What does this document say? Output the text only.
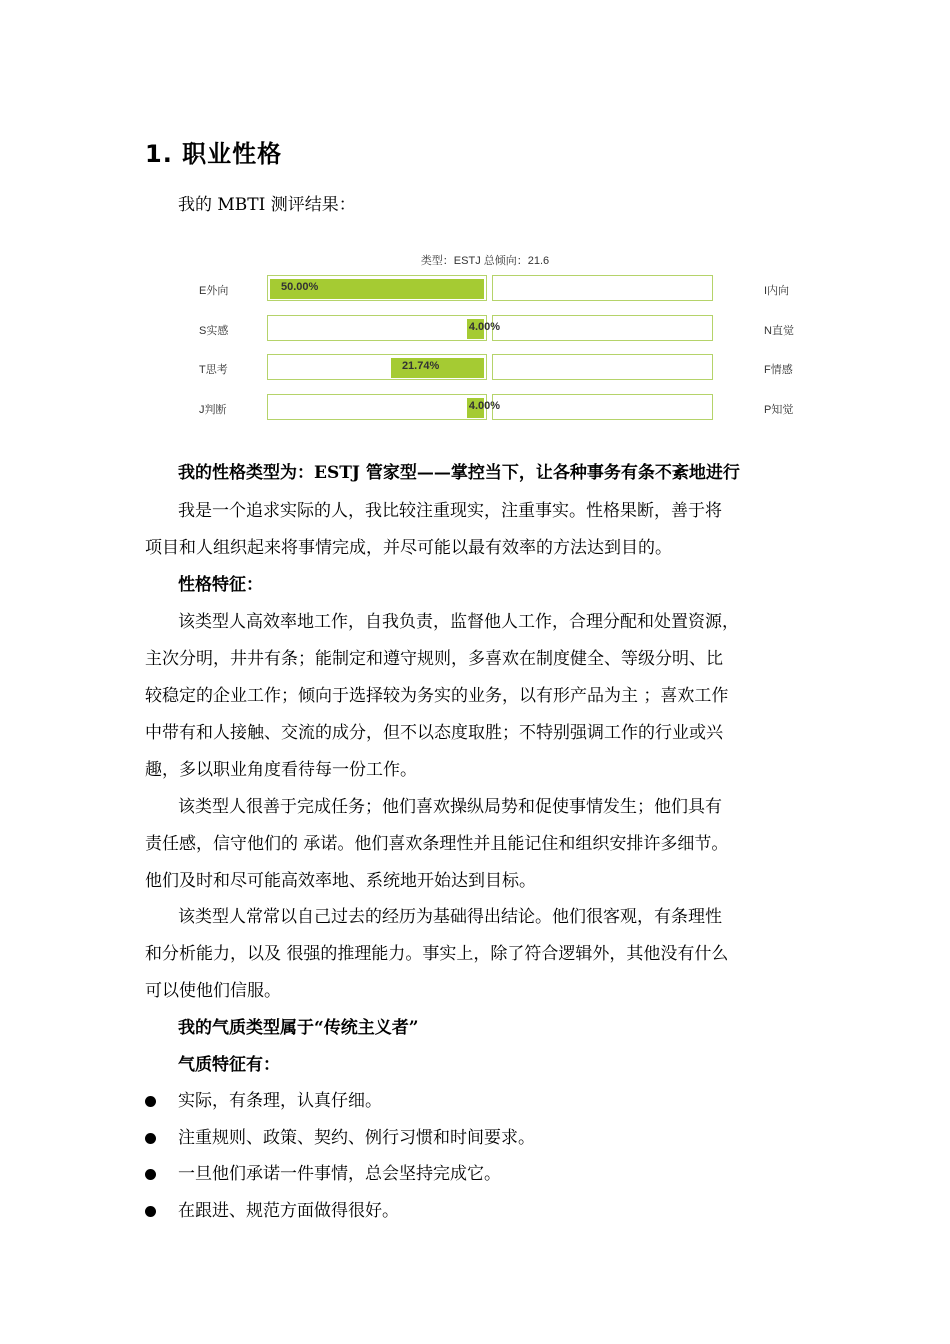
1. 职业性格
我的 MBTI 测评结果：
类型：ESTJ 总倾向：21.6
E外向	50.00%	I内向
S实感	4.00%	N直觉
T思考	21.74%	F情感
J判断	4.00%	P知觉
我的性格类型为：ESTJ 管家型——掌控当下，让各种事务有条不紊地进行
我是一个追求实际的人，我比较注重现实，注重事实。性格果断，善于将
项目和人组织起来将事情完成，并尽可能以最有效率的方法达到目的。
性格特征：
该类型人高效率地工作，自我负责，监督他人工作，合理分配和处置资源，
主次分明，井井有条；能制定和遵守规则，多喜欢在制度健全、等级分明、比
较稳定的企业工作；倾向于选择较为务实的业务，以有形产品为主 ；喜欢工作
中带有和人接触、交流的成分，但不以态度取胜；不特别强调工作的行业或兴
趣，多以职业角度看待每一份工作。
该类型人很善于完成任务；他们喜欢操纵局势和促使事情发生；他们具有
责任感，信守他们的 承诺。他们喜欢条理性并且能记住和组织安排许多细节。
他们及时和尽可能高效率地、系统地开始达到目标。
该类型人常常以自己过去的经历为基础得出结论。他们很客观，有条理性
和分析能力，以及 很强的推理能力。事实上，除了符合逻辑外，其他没有什么
可以使他们信服。
我的气质类型属于“传统主义者”
气质特征有：
实际，有条理，认真仔细。
注重规则、政策、契约、例行习惯和时间要求。
一旦他们承诺一件事情，总会坚持完成它。
在跟进、规范方面做得很好。
